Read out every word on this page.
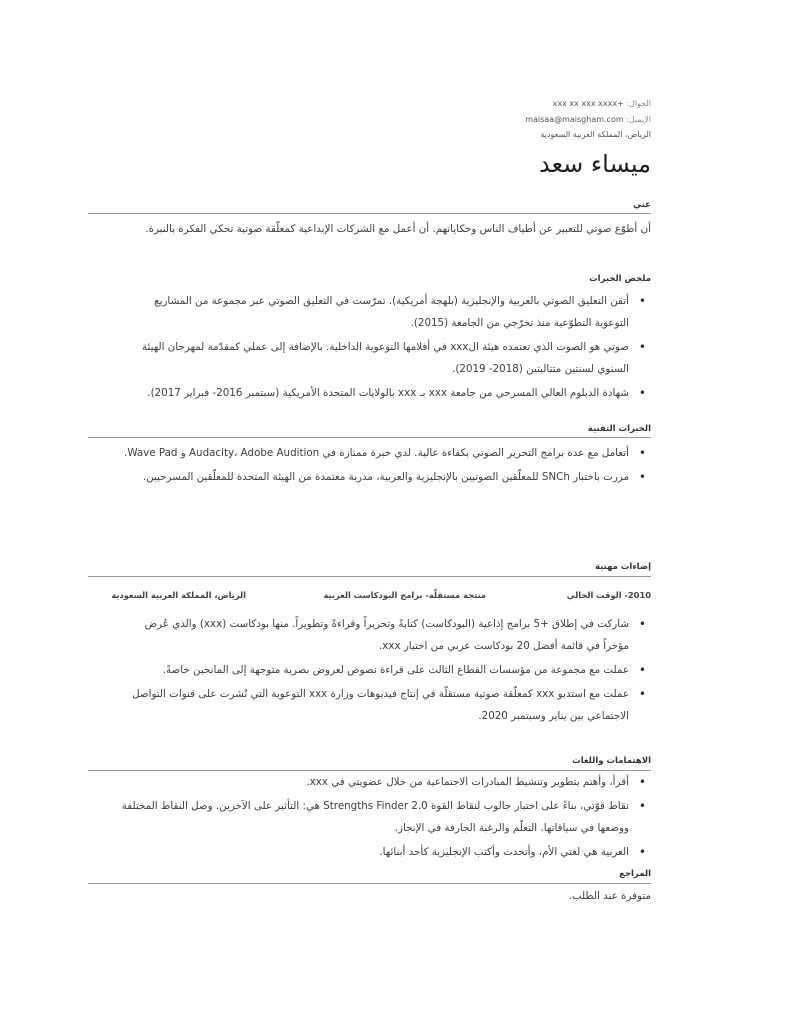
الجوال: +xxx xx xxx xxxx
الإيميل: maisaa@maisgham.com
الرياض، المملكة العربية السعودية
ميساء سعد
عني
أن أطوّع صوتي للتعبير عن أطياف الناس وحكاياتهم. أن أعمل مع الشركات الإبداعية كمعلّقة صوتية تحكي الفكرة بالنبرة.
ملخص الخبرات
• أتقن التعليق الصوتي بالعربية والإنجليزية (بلهجة أمريكية). تمرّست في التعليق الصوتي عبر مجموعة من المشاريع التوعوية التطوّعية منذ تخرّجي من الجامعة (2015).
• صوتي هو الصوت الذي تعتمده هيئة الxxx في أفلامها التوعوية الداخلية. بالإضافة إلى عملي كمقدّمة لمهرجان الهيئة السنوي لسنتين متتاليتين (2018- 2019).
• شهادة الدبلوم العالي المسرحي من جامعة xxx بـ xxx بالولايات المتحدة الأمريكية (سبتمبر 2016- فبراير 2017).
الخبرات التقنية
• أتعامل مع عدة برامج التحرير الصوتي بكفاءة عالية. لدي خبرة ممتازة في Audacity، Adobe Audition و Wave Pad.
• مررت باختبار SNCh للمعلّقين الصوتيين بالإنجليزية والعربية، مدربة معتمدة من الهيئة المتحدة للمعلّقين المسرحيين.
إضاءات مهنية
2010- الوقت الحالي
منتجة مستقلّة- برامج البودكاست العربية
الرياض، المملكة العربية السعودية
• شاركت في إطلاق +5 برامج إذاعية (البودكاست) كتابةً وتحريراً وقراءةً وتطويراً. منها بودكاست (xxx) والذي عُرض مؤخراً في قائمة أفضل 20 بودكاست عربي من اختيار xxx.
• عملت مع مجموعة من مؤسسات القطاع الثالث على قراءة نصوص لعروض بصرية متوجهة إلى المانحين خاصةً.
• عملت مع استديو xxx كمعلّقة صوتية مستقلّة في إنتاج فيديوهات وزارة xxx التوعوية التي نُشرت على قنوات التواصل الاجتماعي بين يناير وسبتمبر 2020.
الاهتمامات واللغات
• أقرأ، وأهتم بتطوير وتنشيط المبادرات الاجتماعية من خلال عضويتي في xxx.
• نقاط قوّتي، بناءً على اختبار جالوب لنقاط القوة Strengths Finder 2.0 هي: التأثير على الآخرين. وصل النقاط المختلفة ووضعها في سياقاتها. التعلّم والرغبة الجارفة في الإنجاز.
• العربية هي لغتي الأم، وأتحدث وأكتب الإنجليزية كأحد أبنائها.
المراجع
متوفرة عند الطلب.
